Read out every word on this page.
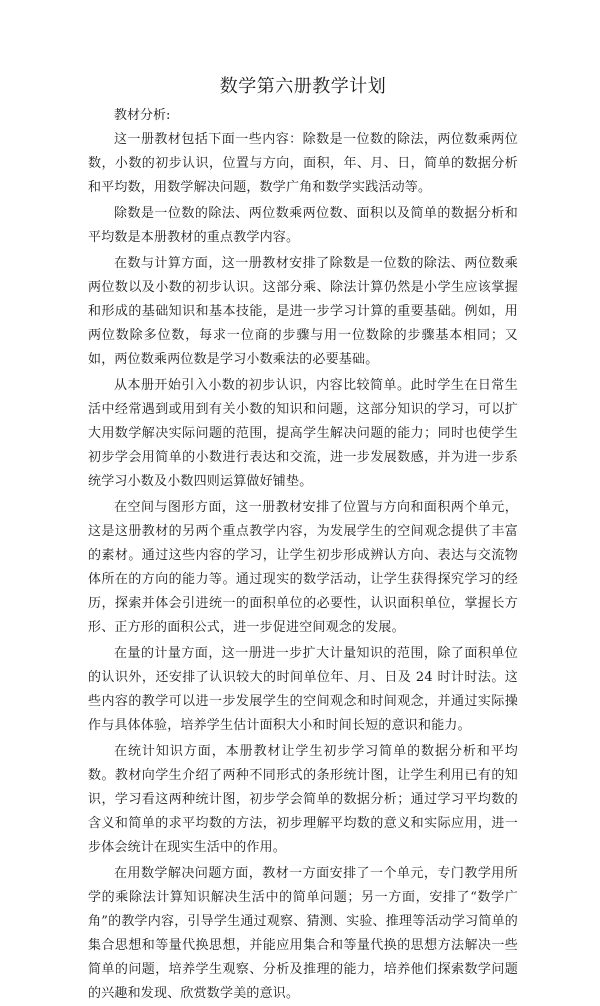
数学第六册教学计划

教材分析:

这一册教材包括下面一些内容：除数是一位数的除法，两位数乘两位数，小数的初步认识，位置与方向，面积，年、月、日，简单的数据分析和平均数，用数学解决问题，数学广角和数学实践活动等。

除数是一位数的除法、两位数乘两位数、面积以及简单的数据分析和平均数是本册教材的重点教学内容。

在数与计算方面，这一册教材安排了除数是一位数的除法、两位数乘两位数以及小数的初步认识。这部分乘、除法计算仍然是小学生应该掌握和形成的基础知识和基本技能，是进一步学习计算的重要基础。例如，用两位数除多位数，每求一位商的步骤与用一位数除的步骤基本相同；又如，两位数乘两位数是学习小数乘法的必要基础。

从本册开始引入小数的初步认识，内容比较简单。此时学生在日常生活中经常遇到或用到有关小数的知识和问题，这部分知识的学习，可以扩大用数学解决实际问题的范围，提高学生解决问题的能力；同时也使学生初步学会用简单的小数进行表达和交流，进一步发展数感，并为进一步系统学习小数及小数四则运算做好铺垫。

在空间与图形方面，这一册教材安排了位置与方向和面积两个单元，这是这册教材的另两个重点教学内容，为发展学生的空间观念提供了丰富的素材。通过这些内容的学习，让学生初步形成辨认方向、表达与交流物体所在的方向的能力等。通过现实的数学活动，让学生获得探究学习的经历，探索并体会引进统一的面积单位的必要性，认识面积单位，掌握长方形、正方形的面积公式，进一步促进空间观念的发展。

在量的计量方面，这一册进一步扩大计量知识的范围，除了面积单位的认识外，还安排了认识较大的时间单位年、月、日及 24 时计时法。这些内容的教学可以进一步发展学生的空间观念和时间观念，并通过实际操作与具体体验，培养学生估计面积大小和时间长短的意识和能力。

在统计知识方面，本册教材让学生初步学习简单的数据分析和平均数。教材向学生介绍了两种不同形式的条形统计图，让学生利用已有的知识，学习看这两种统计图，初步学会简单的数据分析；通过学习平均数的含义和简单的求平均数的方法，初步理解平均数的意义和实际应用，进一步体会统计在现实生活中的作用。

在用数学解决问题方面，教材一方面安排了一个单元，专门教学用所学的乘除法计算知识解决生活中的简单问题；另一方面，安排了“数学广角”的教学内容，引导学生通过观察、猜测、实验、推理等活动学习简单的集合思想和等量代换思想，并能应用集合和等量代换的思想方法解决一些简单的问题，培养学生观察、分析及推理的能力，培养他们探索数学问题的兴趣和发现、欣赏数学美的意识。
